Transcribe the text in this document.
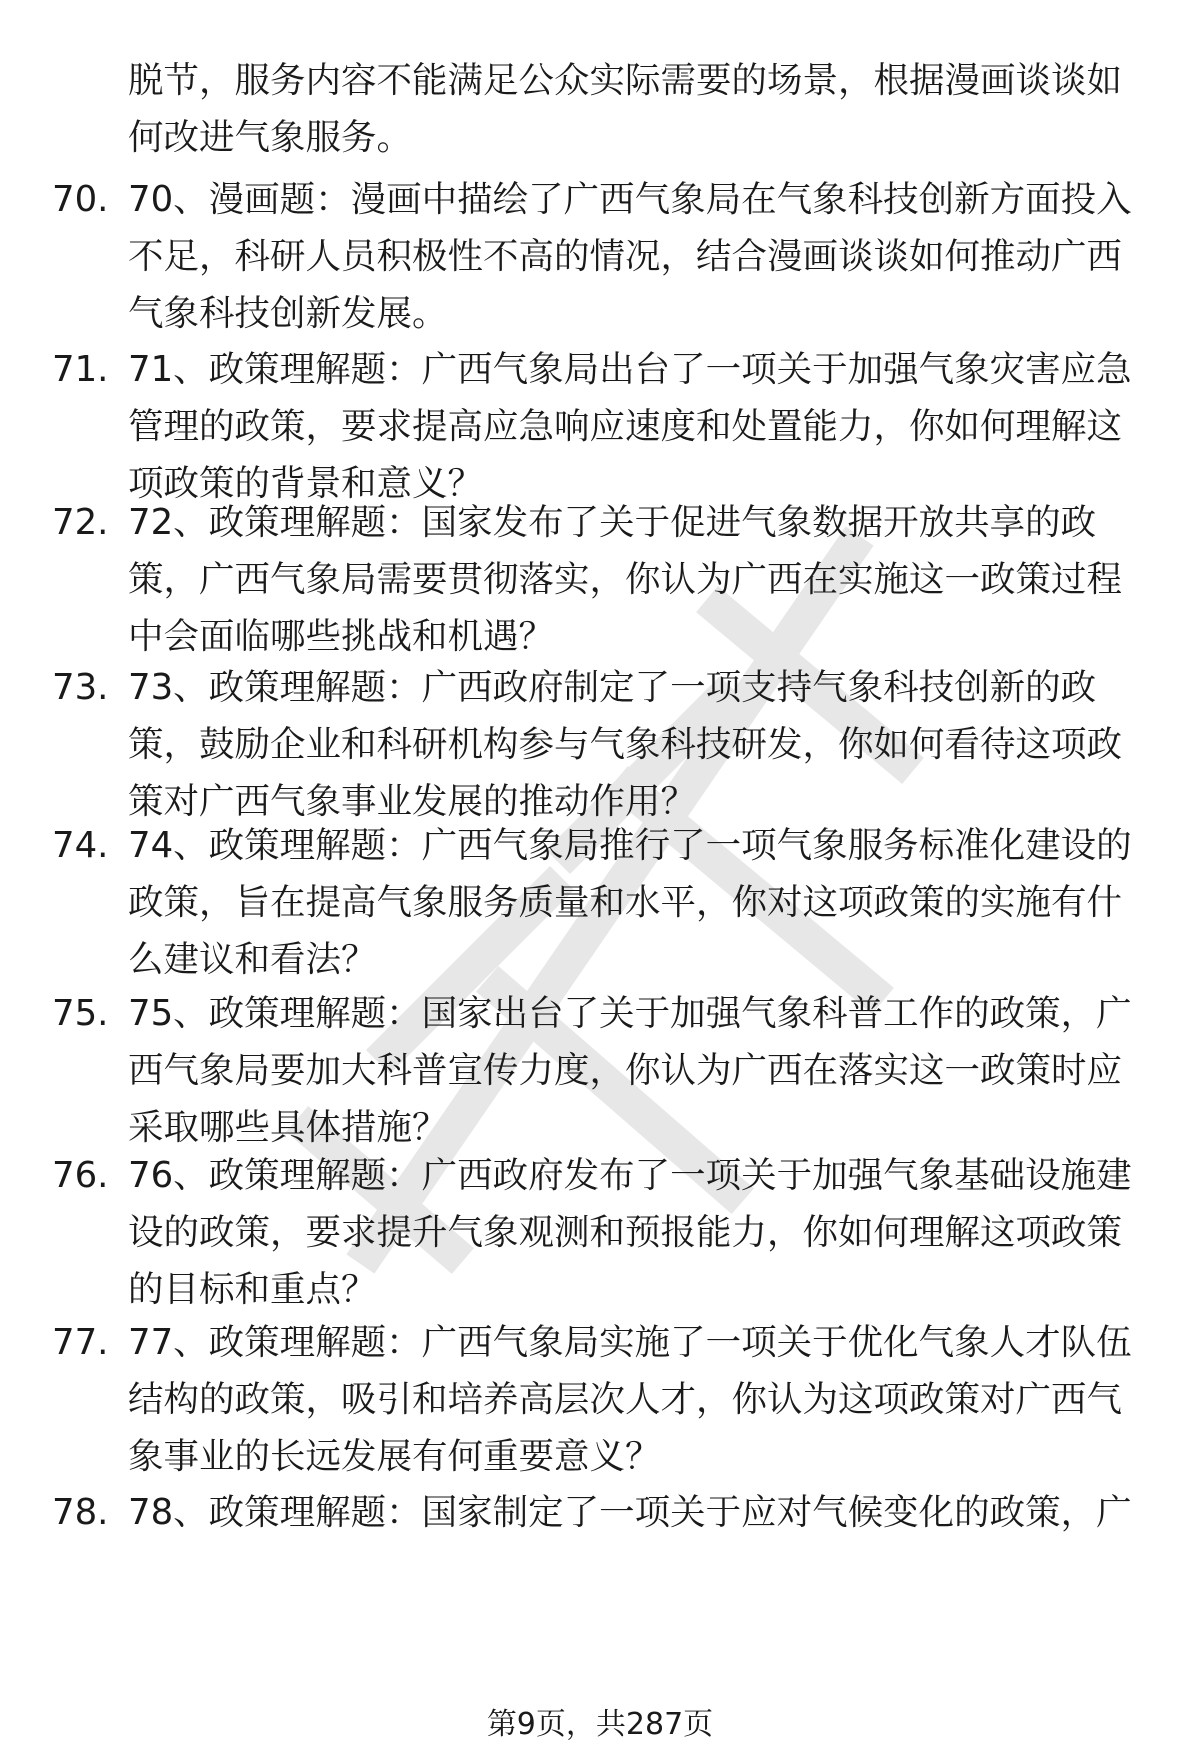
脱节，服务内容不能满足公众实际需要的场景，根据漫画谈谈如何改进气象服务。
70. 70、漫画题：漫画中描绘了广西气象局在气象科技创新方面投入不足，科研人员积极性不高的情况，结合漫画谈谈如何推动广西气象科技创新发展。
71. 71、政策理解题：广西气象局出台了一项关于加强气象灾害应急管理的政策，要求提高应急响应速度和处置能力，你如何理解这项政策的背景和意义？
72. 72、政策理解题：国家发布了关于促进气象数据开放共享的政策，广西气象局需要贯彻落实，你认为广西在实施这一政策过程中会面临哪些挑战和机遇？
73. 73、政策理解题：广西政府制定了一项支持气象科技创新的政策，鼓励企业和科研机构参与气象科技研发，你如何看待这项政策对广西气象事业发展的推动作用？
74. 74、政策理解题：广西气象局推行了一项气象服务标准化建设的政策，旨在提高气象服务质量和水平，你对这项政策的实施有什么建议和看法？
75. 75、政策理解题：国家出台了关于加强气象科普工作的政策，广西气象局要加大科普宣传力度，你认为广西在落实这一政策时应采取哪些具体措施？
76. 76、政策理解题：广西政府发布了一项关于加强气象基础设施建设的政策，要求提升气象观测和预报能力，你如何理解这项政策的目标和重点？
77. 77、政策理解题：广西气象局实施了一项关于优化气象人才队伍结构的政策，吸引和培养高层次人才，你认为这项政策对广西气象事业的长远发展有何重要意义？
78. 78、政策理解题：国家制定了一项关于应对气候变化的政策，广
第9页，共287页
